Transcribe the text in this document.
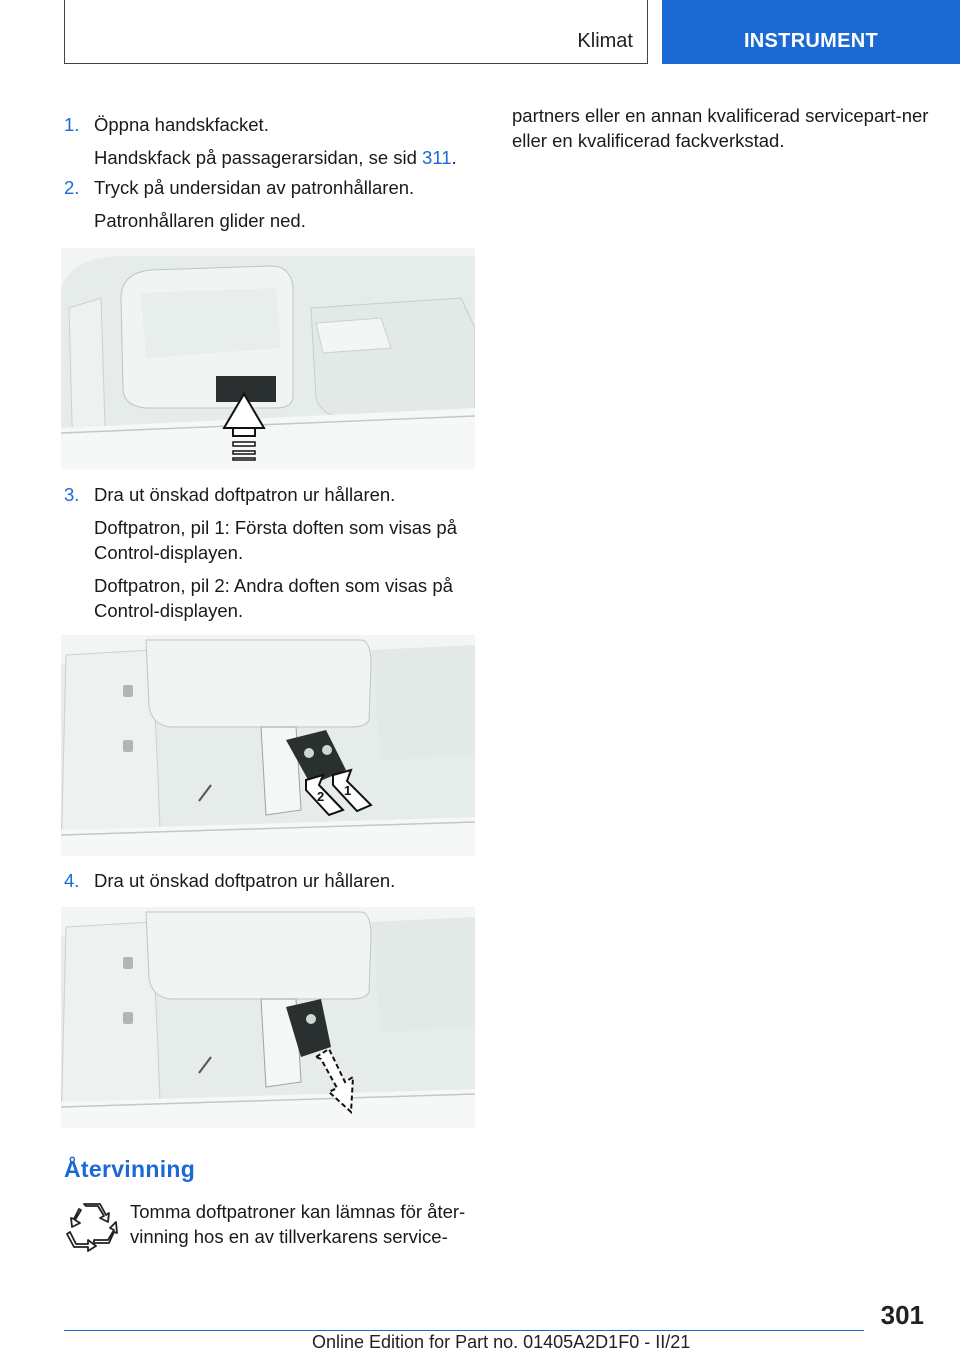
Klimat	INSTRUMENT
1. Öppna handskfacket.
Handskfack på passagerarsidan, se sid 311.
2. Tryck på undersidan av patronhållaren.
Patronhållaren glider ned.
3. Dra ut önskad doftpatron ur hållaren.
Doftpatron, pil 1: Första doften som visas på Control-displayen.
Doftpatron, pil 2: Andra doften som visas på Control-displayen.
2 1
4. Dra ut önskad doftpatron ur hållaren.
partners eller en annan kvalificerad servicepart‐ner eller en kvalificerad fackverkstad.
Återvinning
Tomma doftpatroner kan lämnas för åter‐vinning hos en av tillverkarens service‐
301
Online Edition for Part no. 01405A2D1F0 - II/21
